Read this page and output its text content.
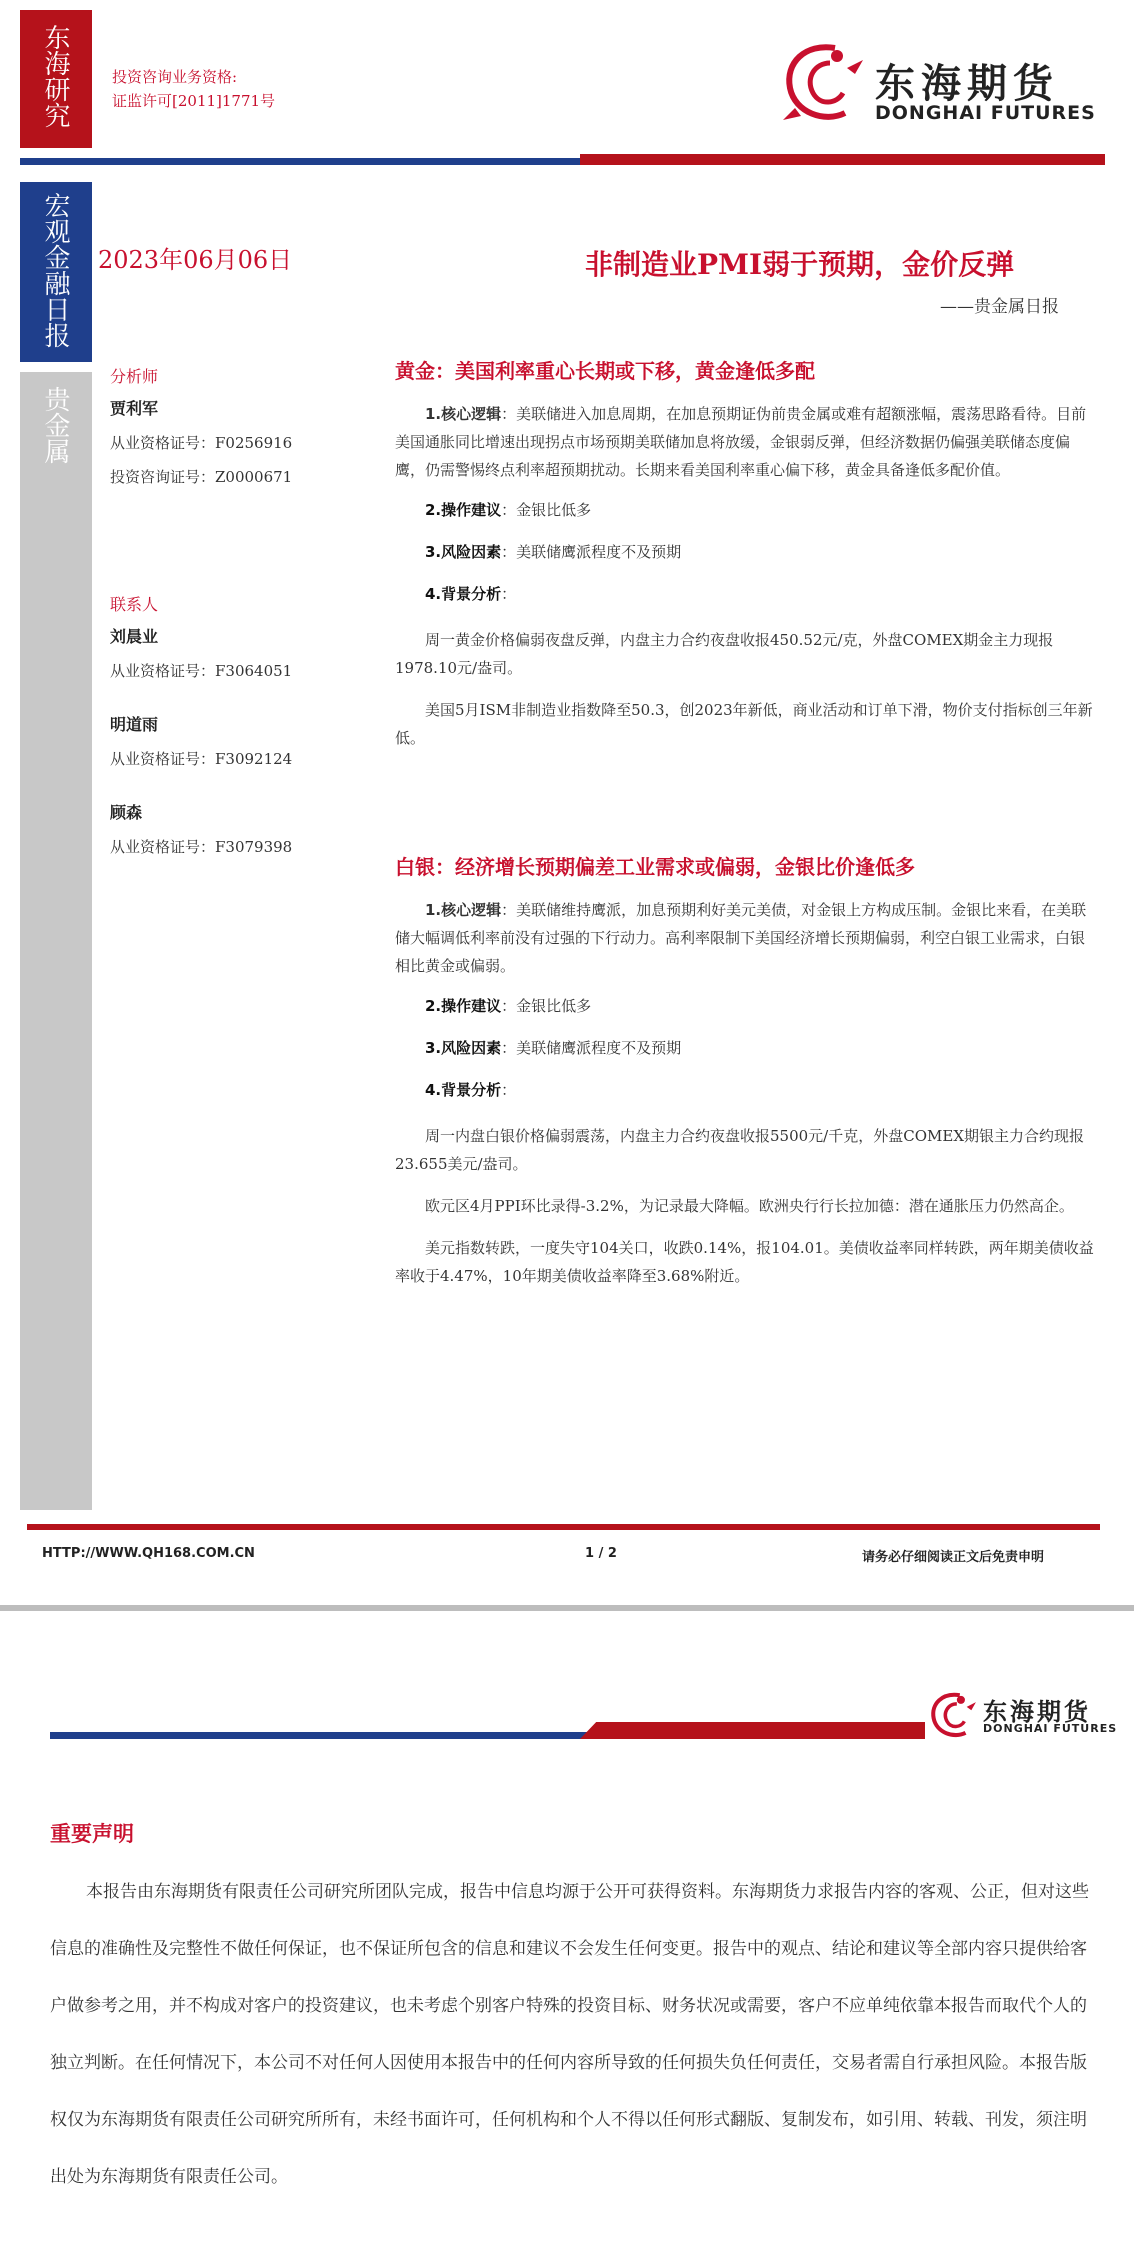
东海研究	投资咨询业务资格:
证监许可[2011]1771号	东海期货
DONGHAI FUTURES
宏观金融日报
贵金属
2023年06月06日	非制造业PMI弱于预期，金价反弹
——贵金属日报
分析师
贾利军
从业资格证号：F0256916
投资咨询证号：Z0000671
联系人
刘晨业
从业资格证号：F3064051
明道雨
从业资格证号：F3092124
顾森
从业资格证号：F3079398
黄金：美国利率重心长期或下移，黄金逢低多配

1.核心逻辑：美联储进入加息周期，在加息预期证伪前贵金属或难有超额涨幅，震荡思路看待。目前美国通胀同比增速出现拐点市场预期美联储加息将放缓，金银弱反弹，但经济数据仍偏强美联储态度偏鹰，仍需警惕终点利率超预期扰动。长期来看美国利率重心偏下移，黄金具备逢低多配价值。

2.操作建议：金银比低多

3.风险因素：美联储鹰派程度不及预期

4.背景分析：

周一黄金价格偏弱夜盘反弹，内盘主力合约夜盘收报450.52元/克，外盘COMEX期金主力现报1978.10元/盎司。

美国5月ISM非制造业指数降至50.3，创2023年新低，商业活动和订单下滑，物价支付指标创三年新低。

白银：经济增长预期偏差工业需求或偏弱，金银比价逢低多

1.核心逻辑：美联储维持鹰派，加息预期利好美元美债，对金银上方构成压制。金银比来看，在美联储大幅调低利率前没有过强的下行动力。高利率限制下美国经济增长预期偏弱，利空白银工业需求，白银相比黄金或偏弱。

2.操作建议：金银比低多

3.风险因素：美联储鹰派程度不及预期

4.背景分析：

周一内盘白银价格偏弱震荡，内盘主力合约夜盘收报5500元/千克，外盘COMEX期银主力合约现报23.655美元/盎司。

欧元区4月PPI环比录得-3.2%，为记录最大降幅。欧洲央行行长拉加德：潜在通胀压力仍然高企。

美元指数转跌，一度失守104关口，收跌0.14%，报104.01。美债收益率同样转跌，两年期美债收益率收于4.47%，10年期美债收益率降至3.68%附近。

HTTP://WWW.QH168.COM.CN	1 / 2	请务必仔细阅读正文后免责申明
东海期货
DONGHAI FUTURES
重要声明

本报告由东海期货有限责任公司研究所团队完成，报告中信息均源于公开可获得资料。东海期货力求报告内容的客观、公正，但对这些信息的准确性及完整性不做任何保证，也不保证所包含的信息和建议不会发生任何变更。报告中的观点、结论和建议等全部内容只提供给客户做参考之用，并不构成对客户的投资建议，也未考虑个别客户特殊的投资目标、财务状况或需要，客户不应单纯依靠本报告而取代个人的独立判断。在任何情况下，本公司不对任何人因使用本报告中的任何内容所导致的任何损失负任何责任，交易者需自行承担风险。本报告版权仅为东海期货有限责任公司研究所所有，未经书面许可，任何机构和个人不得以任何形式翻版、复制发布，如引用、转载、刊发，须注明出处为东海期货有限责任公司。
